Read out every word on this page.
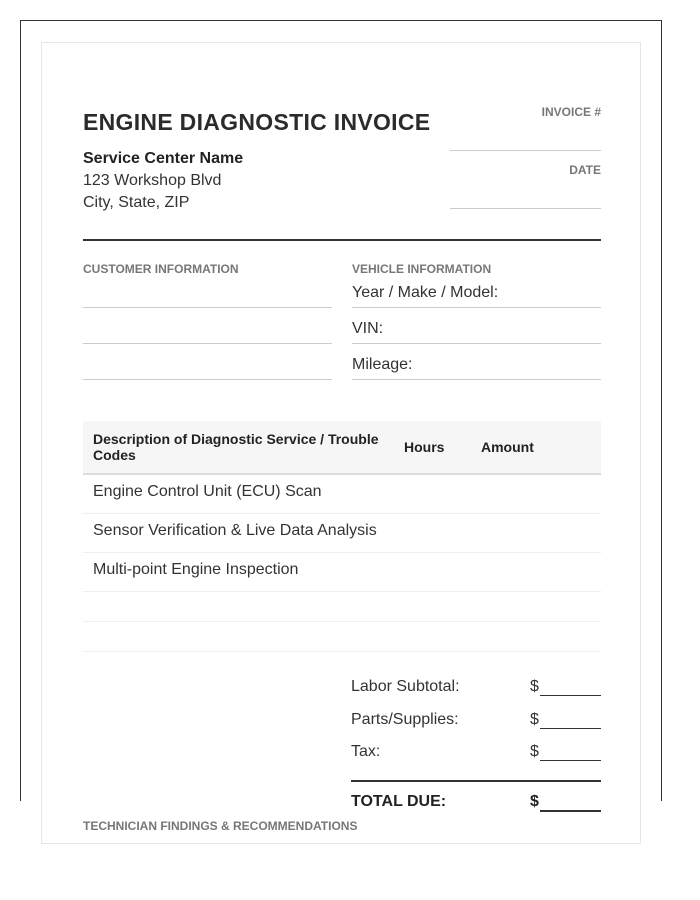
ENGINE DIAGNOSTIC INVOICE
Service Center Name
123 Workshop Blvd
City, State, ZIP
INVOICE #
DATE
CUSTOMER INFORMATION	VEHICLE INFORMATION
Year / Make / Model:
VIN:
Mileage:
Description of Diagnostic Service / Trouble Codes	Hours	Amount
Engine Control Unit (ECU) Scan
Sensor Verification & Live Data Analysis
Multi-point Engine Inspection
Labor Subtotal:	$
Parts/Supplies:	$
Tax:	$
TOTAL DUE:	$
TECHNICIAN FINDINGS & RECOMMENDATIONS
